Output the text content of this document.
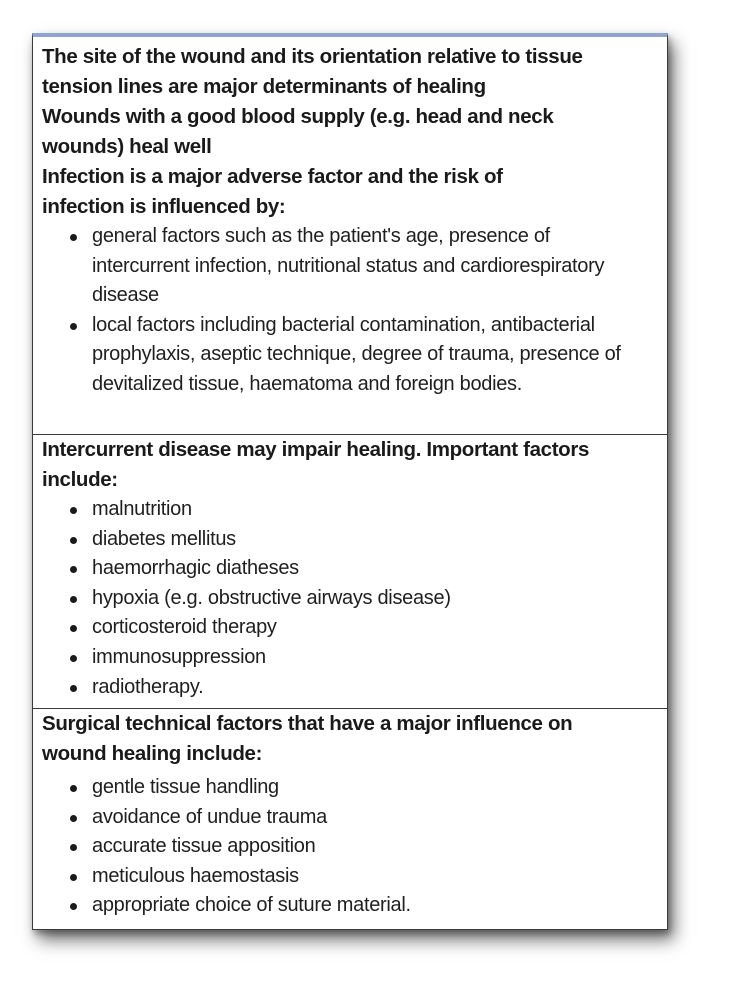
The site of the wound and its orientation relative to tissue tension lines are major determinants of healing

Wounds with a good blood supply (e.g. head and neck wounds) heal well

Infection is a major adverse factor and the risk of infection is influenced by:

general factors such as the patient's age, presence of intercurrent infection, nutritional status and cardiorespiratory disease
local factors including bacterial contamination, antibacterial prophylaxis, aseptic technique, degree of trauma, presence of devitalized tissue, haematoma and foreign bodies.

Intercurrent disease may impair healing. Important factors include:

malnutrition
diabetes mellitus
haemorrhagic diatheses
hypoxia (e.g. obstructive airways disease)
corticosteroid therapy
immunosuppression
radiotherapy.

Surgical technical factors that have a major influence on wound healing include:

gentle tissue handling
avoidance of undue trauma
accurate tissue apposition
meticulous haemostasis
appropriate choice of suture material.
